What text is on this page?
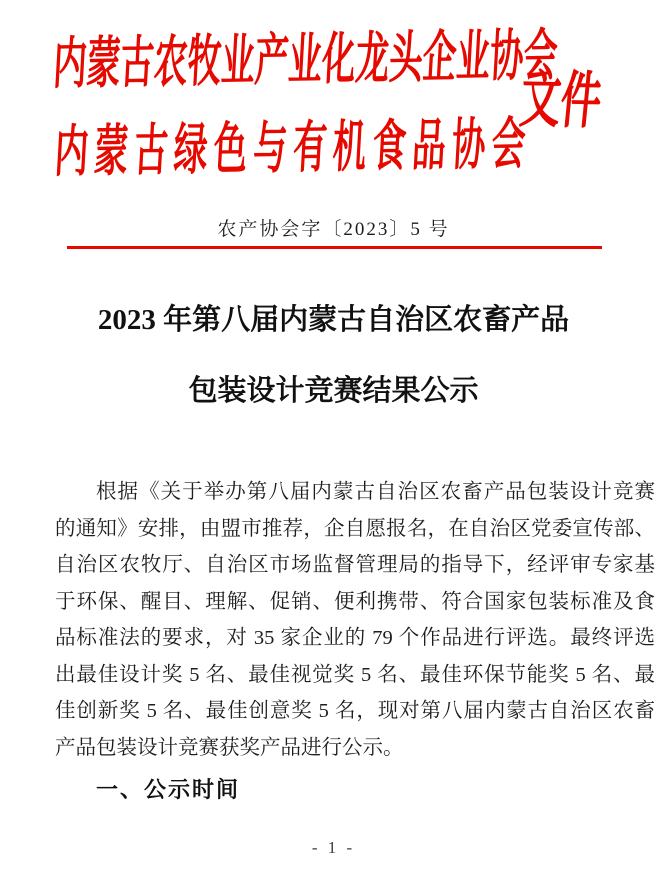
内蒙古农牧业产业化龙头企业协会
内蒙古绿色与有机食品协会
文件
农产协会字〔2023〕5 号
2023 年第八届内蒙古自治区农畜产品
包装设计竞赛结果公示
根据《关于举办第八届内蒙古自治区农畜产品包装设计竞赛
的通知》安排，由盟市推荐，企自愿报名，在自治区党委宣传部、
自治区农牧厅、自治区市场监督管理局的指导下，经评审专家基
于环保、醒目、理解、促销、便利携带、符合国家包装标准及食
品标准法的要求，对 35 家企业的 79 个作品进行评选。最终评选
出最佳设计奖 5 名、最佳视觉奖 5 名、最佳环保节能奖 5 名、最
佳创新奖 5 名、最佳创意奖 5 名，现对第八届内蒙古自治区农畜
产品包装设计竞赛获奖产品进行公示。
一、公示时间
- 1 -
